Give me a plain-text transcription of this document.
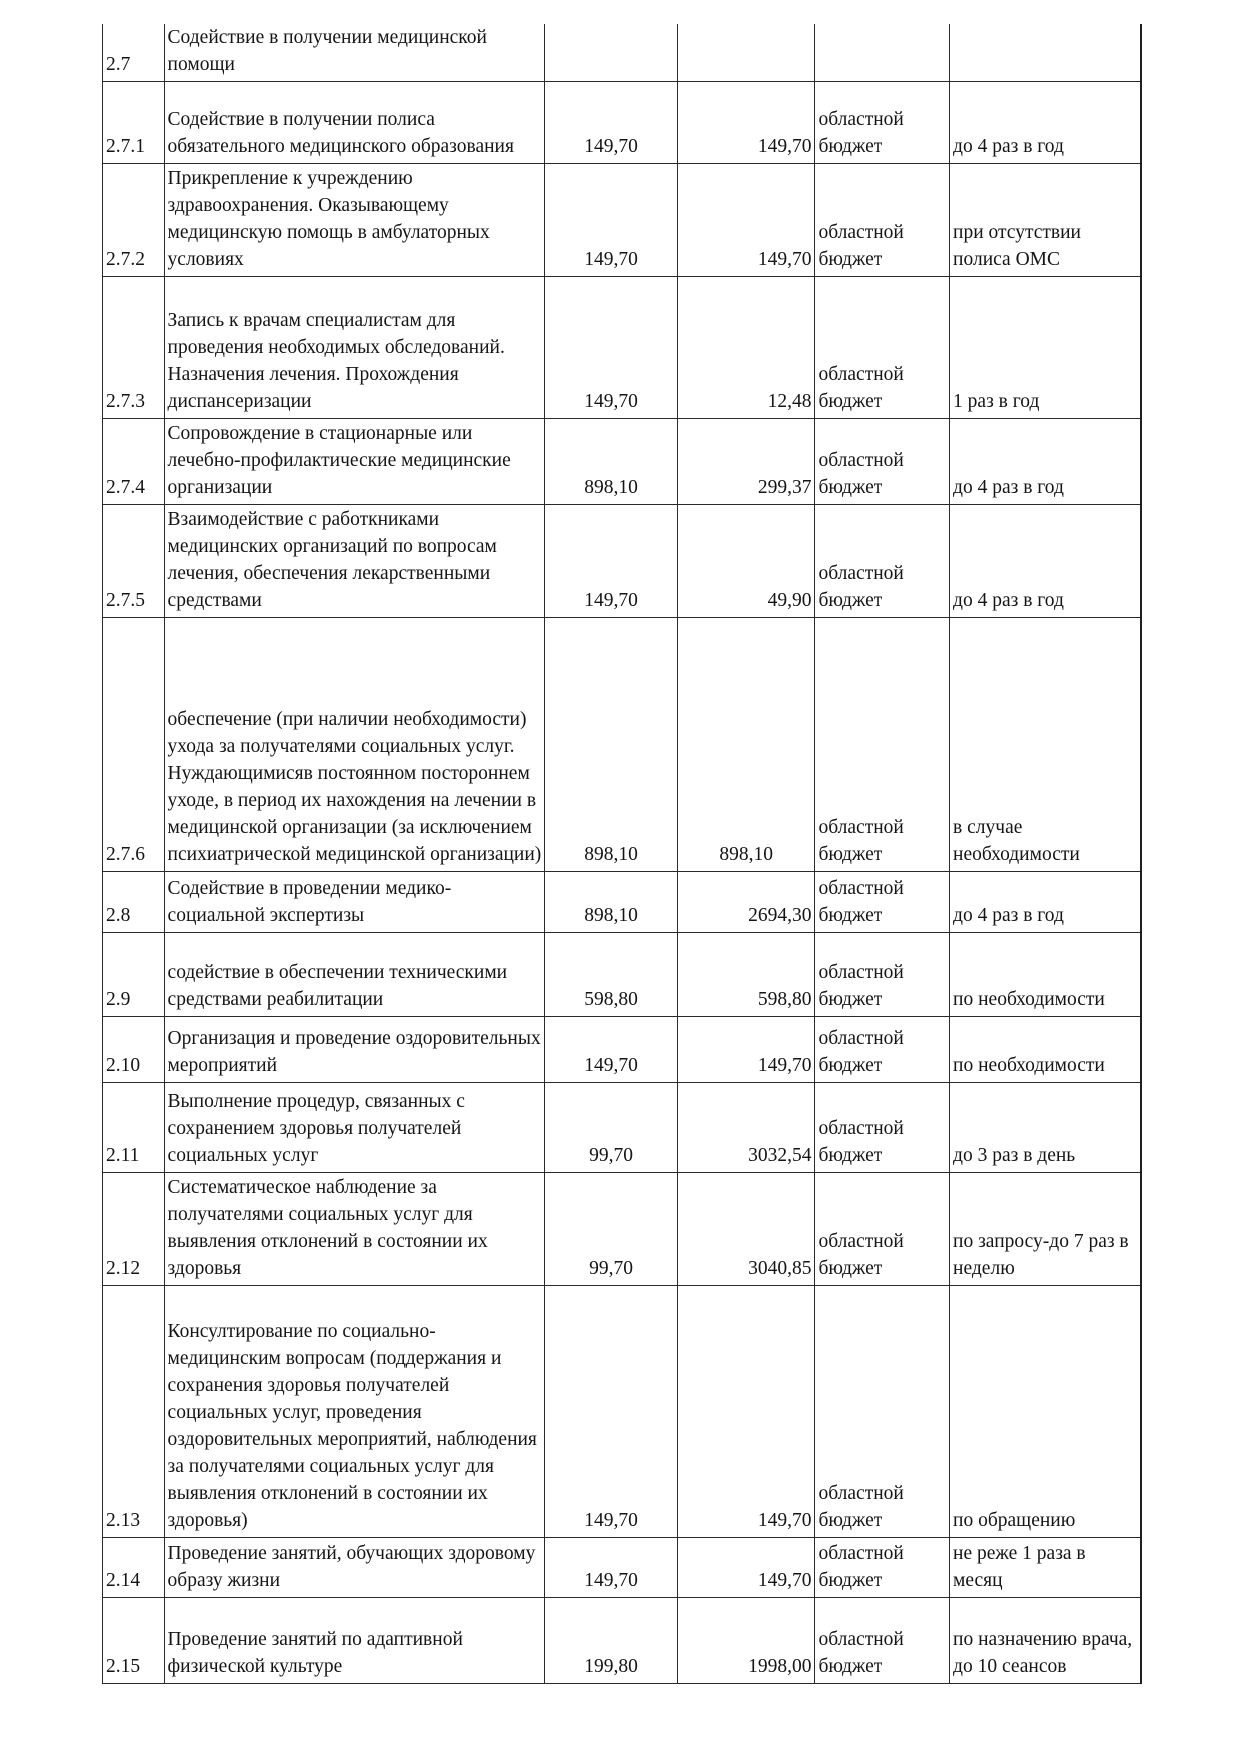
2.7	Содействие в получении медицинской помощи				

2.7.1	Содействие в получении полиса обязательного медицинского образования	149,70	149,70	областной бюджет	до 4 раз в год
2.7.2	Прикрепление к учреждению здравоохранения. Оказывающему медицинскую помощь в амбулаторных условиях	149,70	149,70	областной бюджет	при отсутствии полиса ОМС
2.7.3	Запись к врачам специалистам для проведения необходимых обследований. Назначения лечения. Прохождения диспансеризации	149,70	12,48	областной бюджет	1 раз в год
2.7.4	Сопровождение в стационарные или лечебно-профилактические медицинские организации	898,10	299,37	областной бюджет	до 4 раз в год
2.7.5	Взаимодействие с работкниками медицинских организаций по вопросам лечения, обеспечения лекарственными средствами	149,70	49,90	областной бюджет	до 4 раз в год
2.7.6	обеспечение (при наличии необходимости) ухода за получателями социальных услуг. Нуждающимисяв постоянном постороннем уходе, в период их нахождения на лечении в медицинской организации (за исключением психиатрической медицинской организации)	898,10	898,10	областной бюджет	в случае необходимости
2.8	Содействие в проведении медико-социальной экспертизы	898,10	2694,30	областной бюджет	до 4 раз в год
2.9	содействие в обеспечении техническими средствами реабилитации	598,80	598,80	областной бюджет	по необходимости
2.10	Организация и проведение оздоровительных мероприятий	149,70	149,70	областной бюджет	по необходимости
2.11	Выполнение процедур, связанных с сохранением здоровья получателей социальных услуг	99,70	3032,54	областной бюджет	до 3 раз в день
2.12	Систематическое наблюдение за получателями социальных услуг для выявления отклонений в состоянии их здоровья	99,70	3040,85	областной бюджет	по запросу-до 7 раз в неделю
2.13	Консултирование по социально-медицинским вопросам (поддержания и сохранения здоровья получателей социальных услуг, проведения оздоровительных мероприятий, наблюдения за получателями социальных услуг для выявления отклонений в состоянии их здоровья)	149,70	149,70	областной бюджет	по обращению
2.14	Проведение занятий, обучающих здоровому образу жизни	149,70	149,70	областной бюджет	не реже 1 раза в месяц
2.15	Проведение занятий по адаптивной физической культуре	199,80	1998,00	областной бюджет	по назначению врача, до 10 сеансов
